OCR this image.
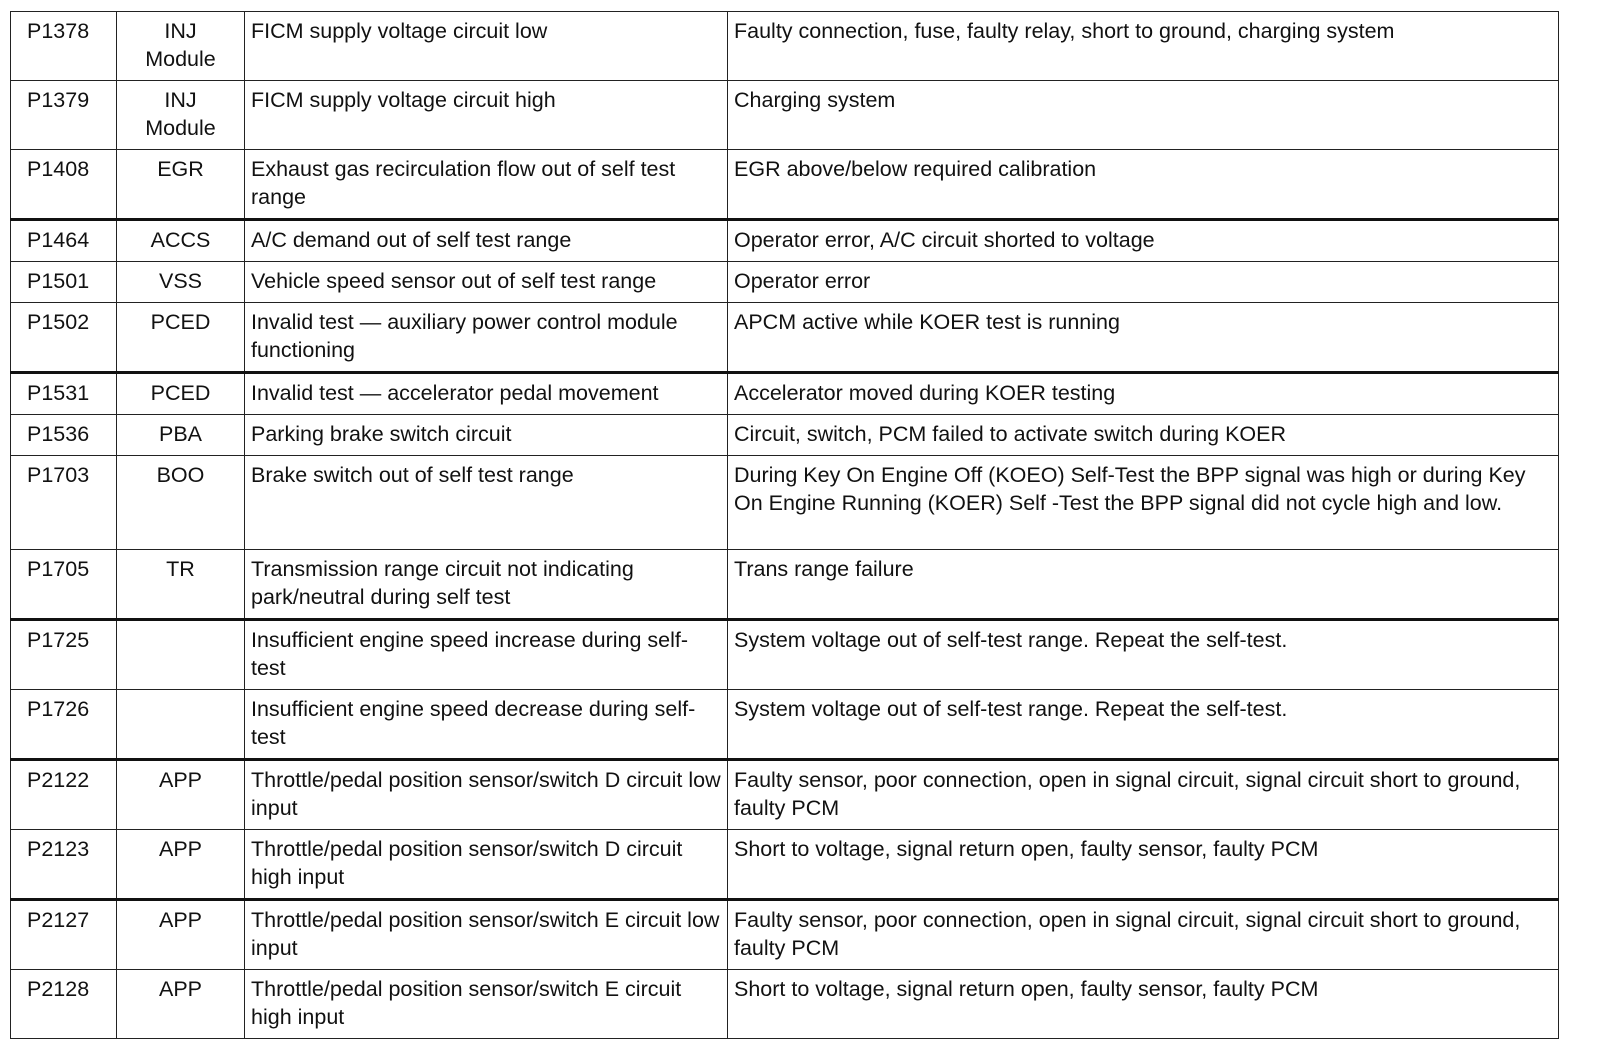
P1378	INJ Module	FICM supply voltage circuit low	Faulty connection, fuse, faulty relay, short to ground, charging system
P1379	INJ Module	FICM supply voltage circuit high	Charging system
P1408	EGR	Exhaust gas recirculation flow out of self test range	EGR above/below required calibration
P1464	ACCS	A/C demand out of self test range	Operator error, A/C circuit shorted to voltage
P1501	VSS	Vehicle speed sensor out of self test range	Operator error
P1502	PCED	Invalid test — auxiliary power control module functioning	APCM active while KOER test is running
P1531	PCED	Invalid test — accelerator pedal movement	Accelerator moved during KOER testing
P1536	PBA	Parking brake switch circuit	Circuit, switch, PCM failed to activate switch during KOER
P1703	BOO	Brake switch out of self test range	During Key On Engine Off (KOEO) Self-Test the BPP signal was high or during Key On Engine Running (KOER) Self -Test the BPP signal did not cycle high and low.
P1705	TR	Transmission range circuit not indicating park/neutral during self test	Trans range failure
P1725		Insufficient engine speed increase during self-test	System voltage out of self-test range. Repeat the self-test.
P1726		Insufficient engine speed decrease during self-test	System voltage out of self-test range. Repeat the self-test.
P2122	APP	Throttle/pedal position sensor/switch D circuit low input	Faulty sensor, poor connection, open in signal circuit, signal circuit short to ground, faulty PCM
P2123	APP	Throttle/pedal position sensor/switch D circuit high input	Short to voltage, signal return open, faulty sensor, faulty PCM
P2127	APP	Throttle/pedal position sensor/switch E circuit low input	Faulty sensor, poor connection, open in signal circuit, signal circuit short to ground, faulty PCM
P2128	APP	Throttle/pedal position sensor/switch E circuit high input	Short to voltage, signal return open, faulty sensor, faulty PCM
